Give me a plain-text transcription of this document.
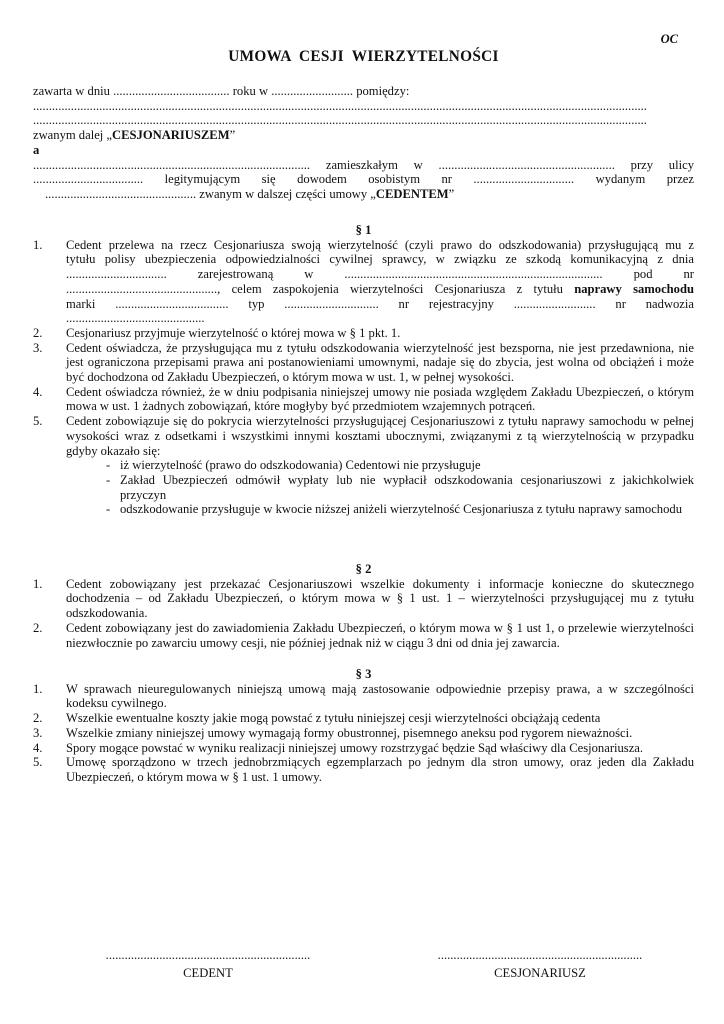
OC
UMOWA CESJI WIERZYTELNOŚCI
zawarta w dniu ..................................... roku w .......................... pomiędzy:
...................................................................................................................................................................................................
...................................................................................................................................................................................................
zwanym dalej „CESJONARIUSZEM”
a
........................................................................................ zamieszkałym w ........................................................ przy ulicy
................................... legitymującym się dowodem osobistym nr ................................ wydanym przez
................................................ zwanym w dalszej części umowy „CEDENTEM”
§ 1
1. Cedent przelewa na rzecz Cesjonariusza swoją wierzytelność (czyli prawo do odszkodowania) przysługującą mu z
tytułu polisy ubezpieczenia odpowiedzialności cywilnej sprawcy, w związku ze szkodą komunikacyjną z dnia
................................ zarejestrowaną w .................................................................................. pod nr
................................................, celem zaspokojenia wierzytelności Cesjonariusza z tytułu naprawy samochodu
marki .................................... typ .............................. nr rejestracyjny .......................... nr nadwozia
............................................
2. Cesjonariusz przyjmuje wierzytelność o której mowa w § 1 pkt. 1.
3. Cedent oświadcza, że przysługująca mu z tytułu odszkodowania wierzytelność jest bezsporna, nie jest przedawniona, nie jest ograniczona przepisami prawa ani postanowieniami umownymi, nadaje się do zbycia, jest wolna od obciążeń i może być dochodzona od Zakładu Ubezpieczeń, o którym mowa w ust. 1, w pełnej wysokości.
4. Cedent oświadcza również, że w dniu podpisania niniejszej umowy nie posiada względem Zakładu Ubezpieczeń, o którym mowa w ust. 1 żadnych zobowiązań, które mogłyby być przedmiotem wzajemnych potrąceń.
5. Cedent zobowiązuje się do pokrycia wierzytelności przysługującej Cesjonariuszowi z tytułu naprawy samochodu w pełnej wysokości wraz z odsetkami i wszystkimi innymi kosztami ubocznymi, związanymi z tą wierzytelnością w przypadku gdyby okazało się:
- iż wierzytelność (prawo do odszkodowania) Cedentowi nie przysługuje
- Zakład Ubezpieczeń odmówił wypłaty lub nie wypłacił odszkodowania cesjonariuszowi z jakichkolwiek przyczyn
- odszkodowanie przysługuje w kwocie niższej aniżeli wierzytelność Cesjonariusza z tytułu naprawy samochodu
§ 2
1. Cedent zobowiązany jest przekazać Cesjonariuszowi wszelkie dokumenty i informacje konieczne do skutecznego dochodzenia – od Zakładu Ubezpieczeń, o którym mowa w § 1 ust. 1 – wierzytelności przysługującej mu z tytułu odszkodowania.
2. Cedent zobowiązany jest do zawiadomienia Zakładu Ubezpieczeń, o którym mowa w § 1 ust 1, o przelewie wierzytelności niezwłocznie po zawarciu umowy cesji, nie później jednak niż w ciągu 3 dni od dnia jej zawarcia.
§ 3
1. W sprawach nieuregulowanych niniejszą umową mają zastosowanie odpowiednie przepisy prawa, a w szczególności kodeksu cywilnego.
2. Wszelkie ewentualne koszty jakie mogą powstać z tytułu niniejszej cesji wierzytelności obciążają cedenta
3. Wszelkie zmiany niniejszej umowy wymagają formy obustronnej, pisemnego aneksu pod rygorem nieważności.
4. Spory mogące powstać w wyniku realizacji niniejszej umowy rozstrzygać będzie Sąd właściwy dla Cesjonariusza.
5. Umowę sporządzono w trzech jednobrzmiących egzemplarzach po jednym dla stron umowy, oraz jeden dla Zakładu Ubezpieczeń, o którym mowa w § 1 ust. 1 umowy.
.................................................................
CEDENT
.................................................................
CESJONARIUSZ
